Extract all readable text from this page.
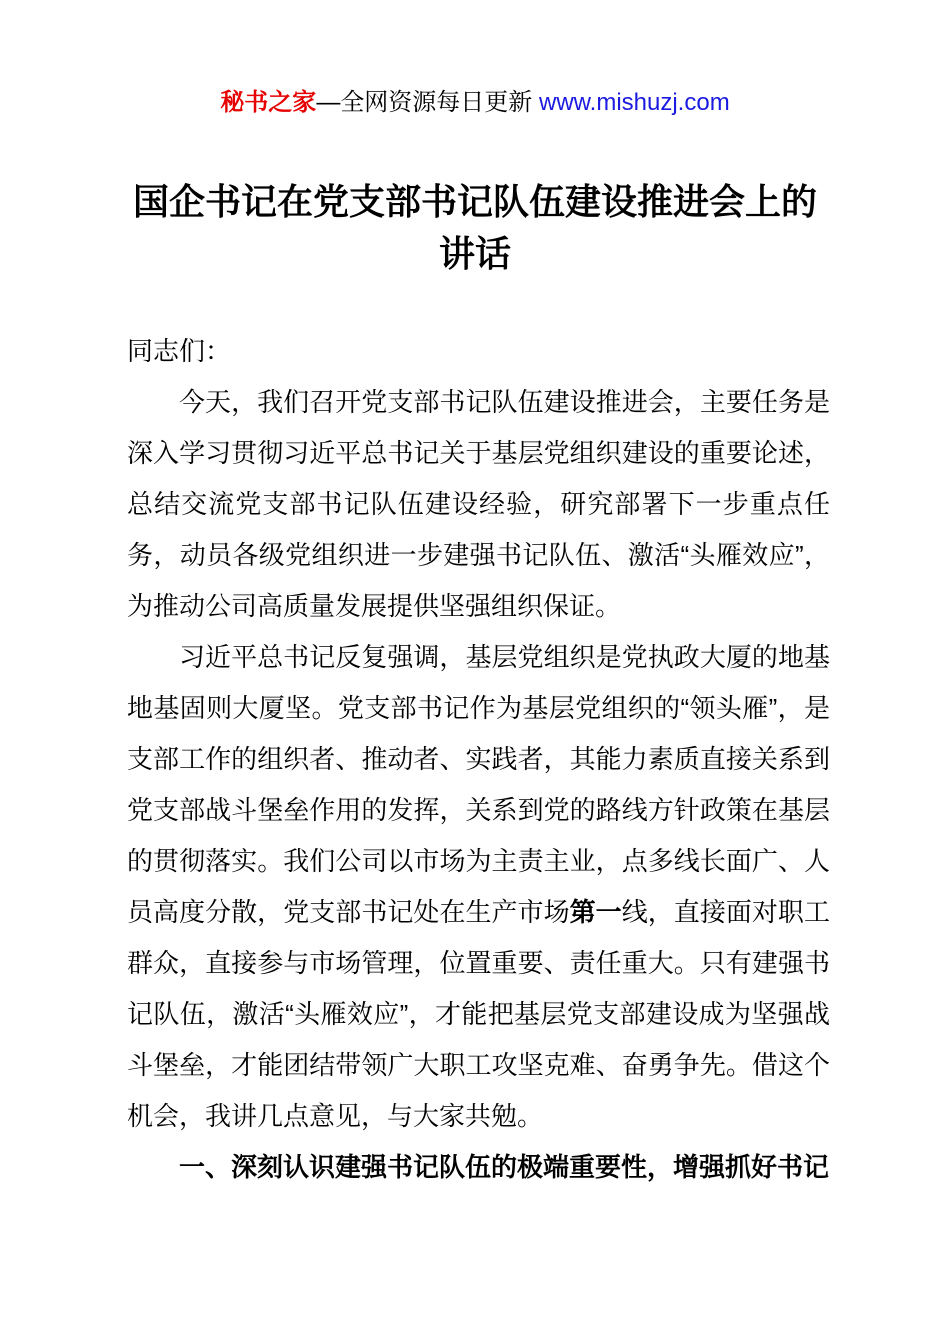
秘书之家—全网资源每日更新 www.mishuzj.com
国企书记在党支部书记队伍建设推进会上的讲话

同志们：

今天，我们召开党支部书记队伍建设推进会，主要任务是深入学习贯彻习近平总书记关于基层党组织建设的重要论述，总结交流党支部书记队伍建设经验，研究部署下一步重点任务，动员各级党组织进一步建强书记队伍、激活“头雁效应”，为推动公司高质量发展提供坚强组织保证。

习近平总书记反复强调，基层党组织是党执政大厦的地基地基固则大厦坚。党支部书记作为基层党组织的“领头雁”，是支部工作的组织者、推动者、实践者，其能力素质直接关系到党支部战斗堡垒作用的发挥，关系到党的路线方针政策在基层的贯彻落实。我们公司以市场为主责主业，点多线长面广、人员高度分散，党支部书记处在生产市场第一线，直接面对职工群众，直接参与市场管理，位置重要、责任重大。只有建强书记队伍，激活“头雁效应”，才能把基层党支部建设成为坚强战斗堡垒，才能团结带领广大职工攻坚克难、奋勇争先。借这个机会，我讲几点意见，与大家共勉。

一、深刻认识建强书记队伍的极端重要性，增强抓好书记
